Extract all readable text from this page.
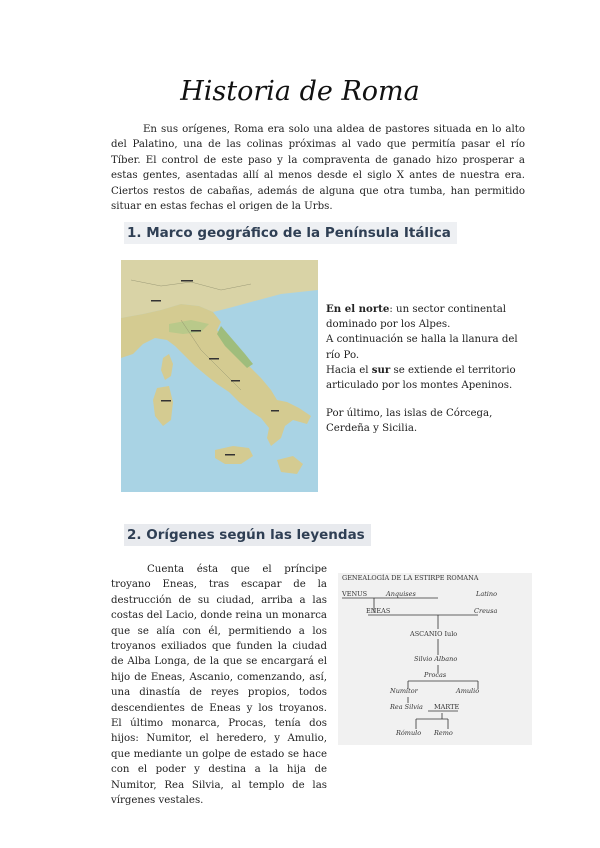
Historia de Roma

En sus orígenes, Roma era solo una aldea de pastores situada en lo alto del Palatino, una de las colinas próximas al vado que permitía pasar el río Tíber. El control de este paso y la compraventa de ganado hizo prosperar a estas gentes, asentadas allí al menos desde el siglo X antes de nuestra era. Ciertos restos de cabañas, además de alguna que otra tumba, han permitido situar en estas fechas el origen de la Urbs.

1. Marco geográfico de la Península Itálica

En el norte: un sector continental dominado por los Alpes.

A continuación se halla la llanura del río Po.

Hacia el sur se extiende el territorio articulado por los montes Apeninos.

Por último, las islas de Córcega, Cerdeña y Sicilia.

2. Orígenes según las leyendas

Cuenta ésta que el príncipe troyano Eneas, tras escapar de la destrucción de su ciudad, arriba a las costas del Lacio, donde reina un monarca que se alía con él, permitiendo a los troyanos exiliados que funden la ciudad de Alba Longa, de la que se encargará el hijo de Eneas, Ascanio, comenzando, así, una dinastía de reyes propios, todos descendientes de Eneas y los troyanos. El último monarca, Procas, tenía dos hijos: Numitor, el heredero, y Amulio, que mediante un golpe de estado se hace con el poder y destina a la hija de Numitor, Rea Silvia, al templo de las vírgenes vestales.

GENEALOGÍA DE LA ESTIRPE ROMANA
VENUS	Anquises	Latino
ENEAS	Creusa
ASCANIO Iulo
Silvio Albano
Procas
Numitor	Amulio
Rea Silvia MARTE
Rómulo Remo
